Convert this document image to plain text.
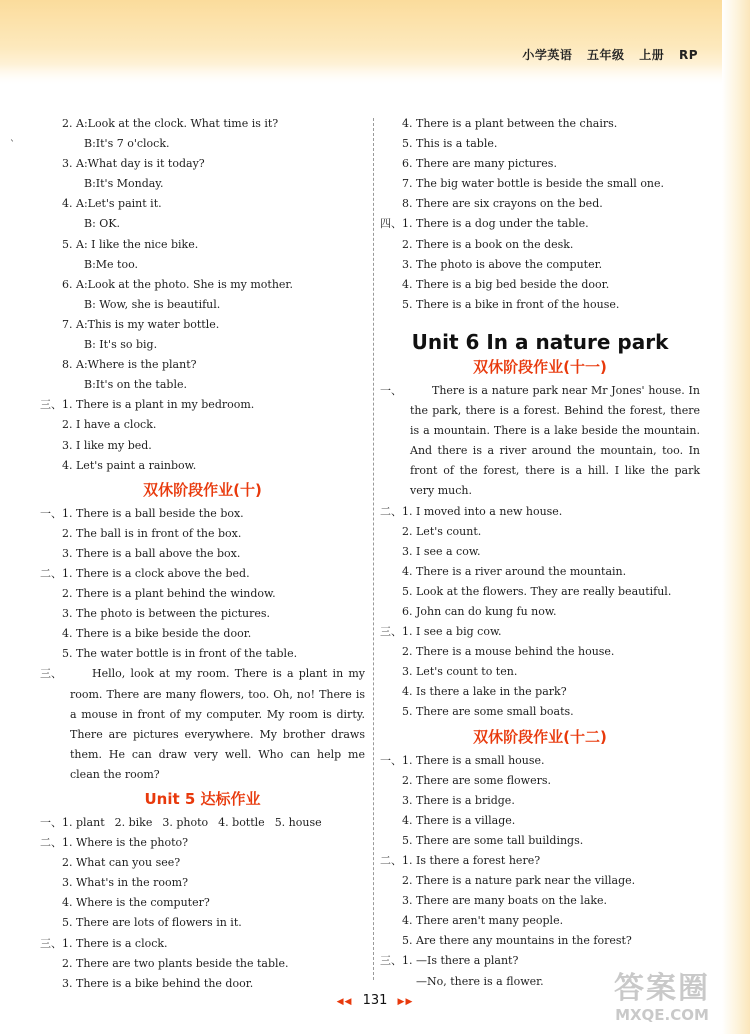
小学英语 五年级 上册 RP
ˋ
2. A:Look at the clock. What time is it?
B:It's 7 o'clock.
3. A:What day is it today?
B:It's Monday.
4. A:Let's paint it.
B: OK.
5. A: I like the nice bike.
B:Me too.
6. A:Look at the photo. She is my mother.
B: Wow, she is beautiful.
7. A:This is my water bottle.
B: It's so big.
8. A:Where is the plant?
B:It's on the table.
三、 1. There is a plant in my bedroom.
2. I have a clock.
3. I like my bed.
4. Let's paint a rainbow.
双休阶段作业(十)
一、 1. There is a ball beside the box.
2. The ball is in front of the box.
3. There is a ball above the box.
二、 1. There is a clock above the bed.
2. There is a plant behind the window.
3. The photo is between the pictures.
4. There is a bike beside the door.
5. The water bottle is in front of the table.
三、	Hello, look at my room. There is a plant in my room. There are many flowers, too. Oh, no! There is a mouse in front of my computer. My room is dirty. There are pictures everywhere. My brother draws them. He can draw very well. Who can help me clean the room?
Unit 5 达标作业
一、 1. plant 2. bike 3. photo 4. bottle 5. house
二、 1. Where is the photo?
2. What can you see?
3. What's in the room?
4. Where is the computer?
5. There are lots of flowers in it.
三、 1. There is a clock.
2. There are two plants beside the table.
3. There is a bike behind the door.
4. There is a plant between the chairs.
5. This is a table.
6. There are many pictures.
7. The big water bottle is beside the small one.
8. There are six crayons on the bed.
四、 1. There is a dog under the table.
2. There is a book on the desk.
3. The photo is above the computer.
4. There is a big bed beside the door.
5. There is a bike in front of the house.
Unit 6 In a nature park
双休阶段作业(十一)
一、	There is a nature park near Mr Jones' house. In the park, there is a forest. Behind the forest, there is a mountain. There is a lake beside the mountain. And there is a river around the mountain, too. In front of the forest, there is a hill. I like the park very much.
二、 1. I moved into a new house.
2. Let's count.
3. I see a cow.
4. There is a river around the mountain.
5. Look at the flowers. They are really beautiful.
6. John can do kung fu now.
三、 1. I see a big cow.
2. There is a mouse behind the house.
3. Let's count to ten.
4. Is there a lake in the park?
5. There are some small boats.
双休阶段作业(十二)
一、 1. There is a small house.
2. There are some flowers.
3. There is a bridge.
4. There is a village.
5. There are some tall buildings.
二、 1. Is there a forest here?
2. There is a nature park near the village.
3. There are many boats on the lake.
4. There aren't many people.
5. Are there any mountains in the forest?
三、 1. —Is there a plant?
—No, there is a flower.
◀◀ 131 ▶▶	答案圈
MXQE.COM
